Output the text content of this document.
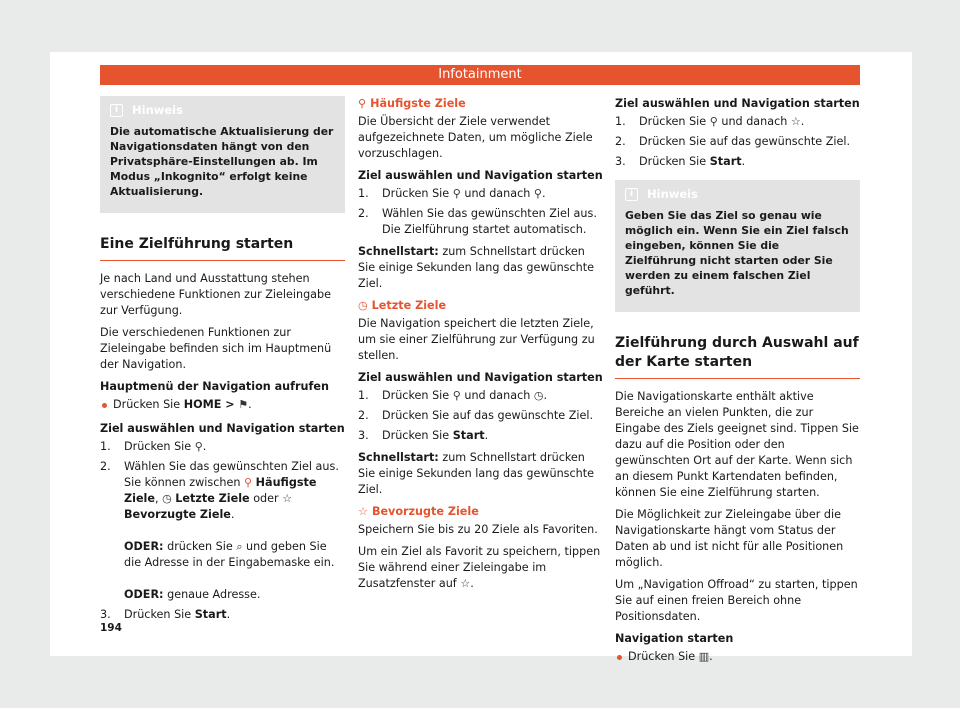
Infotainment
i	Hinweis

Die automatische Aktualisierung der Navigationsdaten hängt von den Privatsphäre-Einstellungen ab. Im Modus „Inkognito“ erfolgt keine Aktualisierung.

Eine Zielführung starten

Je nach Land und Ausstattung stehen verschiedene Funktionen zur Zieleingabe zur Verfügung.

Die verschiedenen Funktionen zur Zieleingabe befinden sich im Hauptmenü der Navigation.

Hauptmenü der Navigation aufrufen
Drücken Sie HOME > ⚑.
Ziel auswählen und Navigation starten
1.	Drücken Sie ⚲.
2.	Wählen Sie das gewünschten Ziel aus. Sie können zwischen ⚲ Häufigste Ziele, ◷ Letzte Ziele oder ☆ Bevorzugte Ziele.

ODER: drücken Sie ⌕ und geben Sie die Adresse in der Eingabemaske ein.

ODER: genaue Adresse.
3.	Drücken Sie Start.
⚲ Häufigste Ziele

Die Übersicht der Ziele verwendet aufgezeichnete Daten, um mögliche Ziele vorzuschlagen.

Ziel auswählen und Navigation starten
1.	Drücken Sie ⚲ und danach ⚲.
2.	Wählen Sie das gewünschten Ziel aus. Die Zielführung startet automatisch.

Schnellstart: zum Schnellstart drücken Sie einige Sekunden lang das gewünschte Ziel.

◷ Letzte Ziele

Die Navigation speichert die letzten Ziele, um sie einer Zielführung zur Verfügung zu stellen.

Ziel auswählen und Navigation starten
1.	Drücken Sie ⚲ und danach ◷.
2.	Drücken Sie auf das gewünschte Ziel.
3.	Drücken Sie Start.

Schnellstart: zum Schnellstart drücken Sie einige Sekunden lang das gewünschte Ziel.

☆ Bevorzugte Ziele

Speichern Sie bis zu 20 Ziele als Favoriten.

Um ein Ziel als Favorit zu speichern, tippen Sie während einer Zieleingabe im Zusatzfenster auf ☆.

Ziel auswählen und Navigation starten
1.	Drücken Sie ⚲ und danach ☆.
2.	Drücken Sie auf das gewünschte Ziel.
3.	Drücken Sie Start.
i	Hinweis

Geben Sie das Ziel so genau wie möglich ein. Wenn Sie ein Ziel falsch eingeben, können Sie die Zielführung nicht starten oder Sie werden zu einem falschen Ziel geführt.

Zielführung durch Auswahl auf der Karte starten

Die Navigationskarte enthält aktive Bereiche an vielen Punkten, die zur Eingabe des Ziels geeignet sind. Tippen Sie dazu auf die Position oder den gewünschten Ort auf der Karte. Wenn sich an diesem Punkt Kartendaten befinden, können Sie eine Zielführung starten.

Die Möglichkeit zur Zieleingabe über die Navigationskarte hängt vom Status der Daten ab und ist nicht für alle Positionen möglich.

Um „Navigation Offroad“ zu starten, tippen Sie auf einen freien Bereich ohne Positionsdaten.

Navigation starten
Drücken Sie ▥.
194
